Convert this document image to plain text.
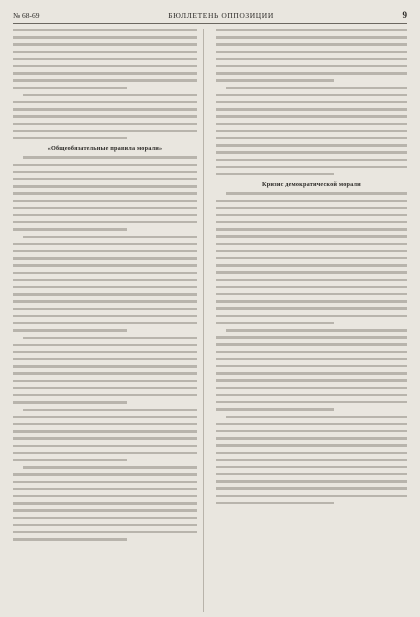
№ 68-69	БЮЛЛЕТЕНЬ ОППОЗИЦИИ	9
«Общеобязательные правила морали»
Кризис демократической морали
